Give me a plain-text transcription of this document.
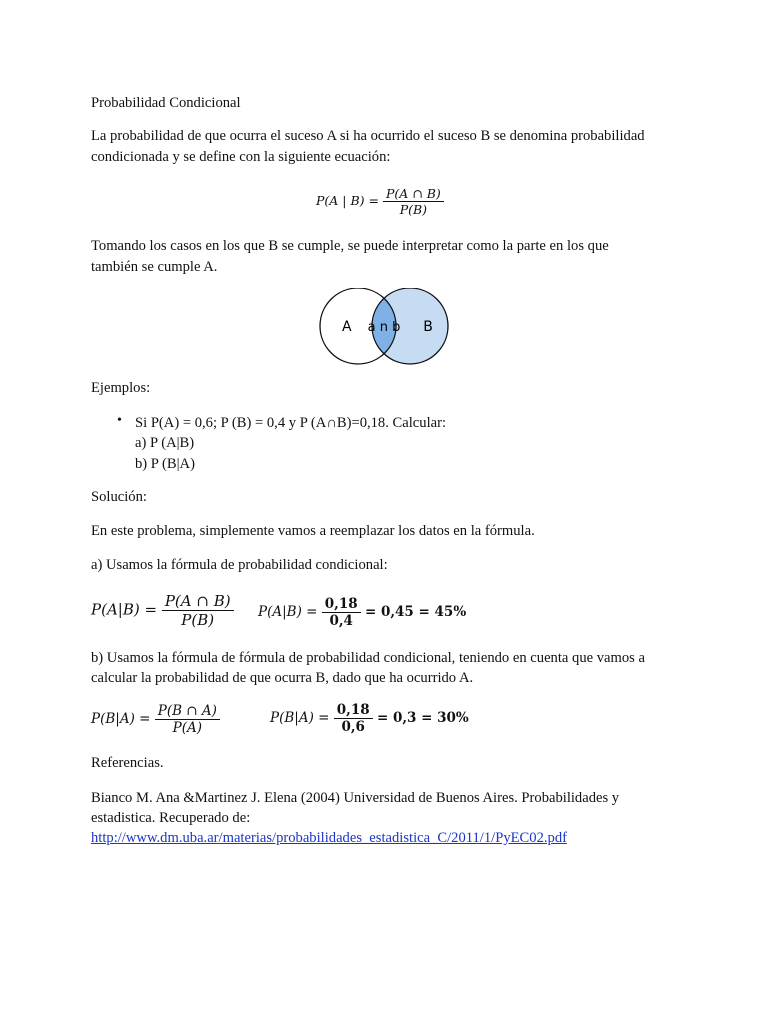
Probabilidad Condicional
La probabilidad de que ocurra el suceso A si ha ocurrido el suceso B se denomina probabilidad
condicionada y se define con la siguiente ecuación:
P(A | $B) = \frac{P(A \cap B)}{P(B)}$
Tomando los casos en los que B se cumple, se puede interpretar como la parte en los que
también se cumple A.
A a n b B
Ejemplos:
• Si P(A) = 0,6; P (B) = 0,4 y P (A∩B)=0,18. Calcular:
a) P (A|B)
b) P (B|A)
Solución:
En este problema, simplemente vamos a reemplazar los datos en la fórmula.
a) Usamos la fórmula de probabilidad condicional:
$P(A|B) = \frac{P(A \cap B)}{P(B)} P(A|B) = \frac{0,18}{0,4} = 0,45 = 45\%$
b) Usamos la fórmula de fórmula de probabilidad condicional, teniendo en cuenta que vamos a
calcular la probabilidad de que ocurra B, dado que ha ocurrido A.
$P(B|A) = \frac{P(B \cap A)}{P(A)}$	$P(B|A) = \frac{0,18}{0,6} = 0,3 = 30\%$
Referencias.
Bianco M. Ana &Martinez J. Elena (2004) Universidad de Buenos Aires. Probabilidades y
estadistica. Recuperado de:
http://www.dm.uba.ar/materias/probabilidades_estadistica_C/2011/1/PyEC02.pdf
